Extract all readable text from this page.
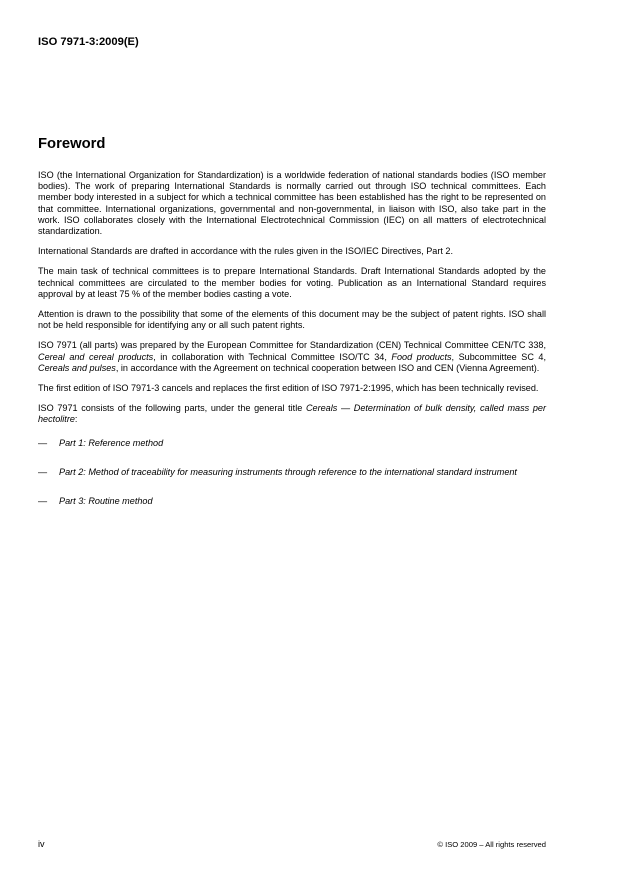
ISO 7971-3:2009(E)
Foreword

ISO (the International Organization for Standardization) is a worldwide federation of national standards bodies (ISO member bodies). The work of preparing International Standards is normally carried out through ISO technical committees. Each member body interested in a subject for which a technical committee has been established has the right to be represented on that committee. International organizations, governmental and non-governmental, in liaison with ISO, also take part in the work. ISO collaborates closely with the International Electrotechnical Commission (IEC) on all matters of electrotechnical standardization.

International Standards are drafted in accordance with the rules given in the ISO/IEC Directives, Part 2.

The main task of technical committees is to prepare International Standards. Draft International Standards adopted by the technical committees are circulated to the member bodies for voting. Publication as an International Standard requires approval by at least 75 % of the member bodies casting a vote.

Attention is drawn to the possibility that some of the elements of this document may be the subject of patent rights. ISO shall not be held responsible for identifying any or all such patent rights.

ISO 7971 (all parts) was prepared by the European Committee for Standardization (CEN) Technical Committee CEN/TC 338, Cereal and cereal products, in collaboration with Technical Committee ISO/TC 34, Food products, Subcommittee SC 4, Cereals and pulses, in accordance with the Agreement on technical cooperation between ISO and CEN (Vienna Agreement).

The first edition of ISO 7971-3 cancels and replaces the first edition of ISO 7971-2:1995, which has been technically revised.

ISO 7971 consists of the following parts, under the general title Cereals — Determination of bulk density, called mass per hectolitre:

—	Part 1: Reference method
—	Part 2: Method of traceability for measuring instruments through reference to the international standard instrument
—	Part 3: Routine method
iv	© ISO 2009 – All rights reserved
